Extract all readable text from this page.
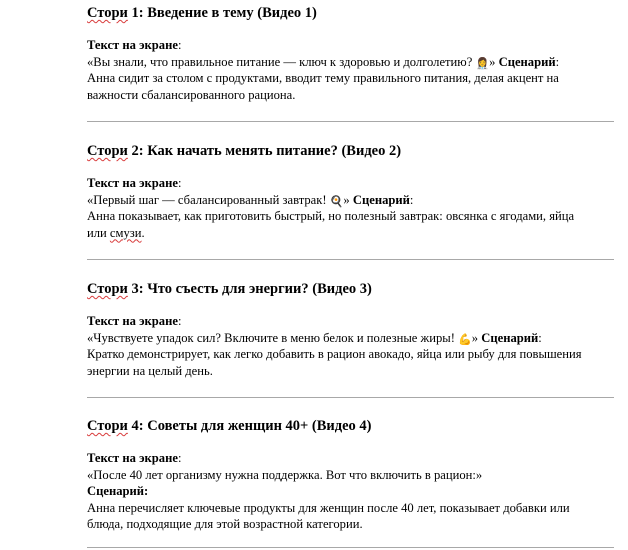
Стори 1: Введение в тему (Видео 1)

Текст на экране:

«Вы знали, что правильное питание — ключ к здоровью и долголетию? 👩‍⚕️» Сценарий: Анна сидит за столом с продуктами, вводит тему правильного питания, делая акцент на важности сбалансированного рациона.

Стори 2: Как начать менять питание? (Видео 2)

Текст на экране:

«Первый шаг — сбалансированный завтрак! 🍳» Сценарий:
Анна показывает, как приготовить быстрый, но полезный завтрак: овсянка с ягодами, яйца или смузи.

Стори 3: Что съесть для энергии? (Видео 3)

Текст на экране:

«Чувствуете упадок сил? Включите в меню белок и полезные жиры! 💪» Сценарий:
Кратко демонстрирует, как легко добавить в рацион авокадо, яйца или рыбу для повышения энергии на целый день.

Стори 4: Советы для женщин 40+ (Видео 4)

Текст на экране:

«После 40 лет организму нужна поддержка. Вот что включить в рацион:»

Сценарий:

Анна перечисляет ключевые продукты для женщин после 40 лет, показывает добавки или блюда, подходящие для этой возрастной категории.
